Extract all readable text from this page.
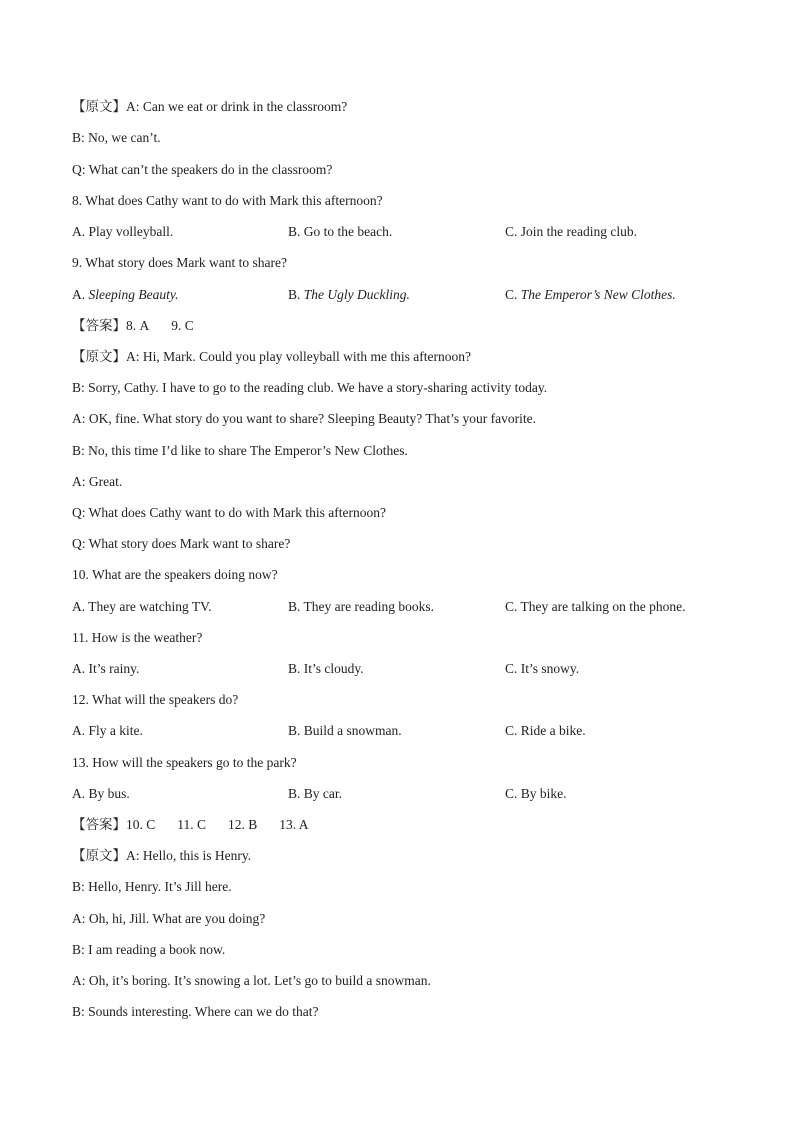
【原文】A: Can we eat or drink in the classroom?
B: No, we can’t.
Q: What can’t the speakers do in the classroom?
8. What does Cathy want to do with Mark this afternoon?
A. Play volleyball.	B. Go to the beach.	C. Join the reading club.
9. What story does Mark want to share?
A. Sleeping Beauty.	B. The Ugly Duckling.	C. The Emperor’s New Clothes.
【答案】8. A 9. C
【原文】A: Hi, Mark. Could you play volleyball with me this afternoon?
B: Sorry, Cathy. I have to go to the reading club. We have a story-sharing activity today.
A: OK, fine. What story do you want to share? Sleeping Beauty? That’s your favorite.
B: No, this time I’d like to share The Emperor’s New Clothes.
A: Great.
Q: What does Cathy want to do with Mark this afternoon?
Q: What story does Mark want to share?
10. What are the speakers doing now?
A. They are watching TV.	B. They are reading books.	C. They are talking on the phone.
11. How is the weather?
A. It’s rainy.	B. It’s cloudy.	C. It’s snowy.
12. What will the speakers do?
A. Fly a kite.	B. Build a snowman.	C. Ride a bike.
13. How will the speakers go to the park?
A. By bus.	B. By car.	C. By bike.
【答案】10. C 11. C 12. B 13. A
【原文】A: Hello, this is Henry.
B: Hello, Henry. It’s Jill here.
A: Oh, hi, Jill. What are you doing?
B: I am reading a book now.
A: Oh, it’s boring. It’s snowing a lot. Let’s go to build a snowman.
B: Sounds interesting. Where can we do that?
